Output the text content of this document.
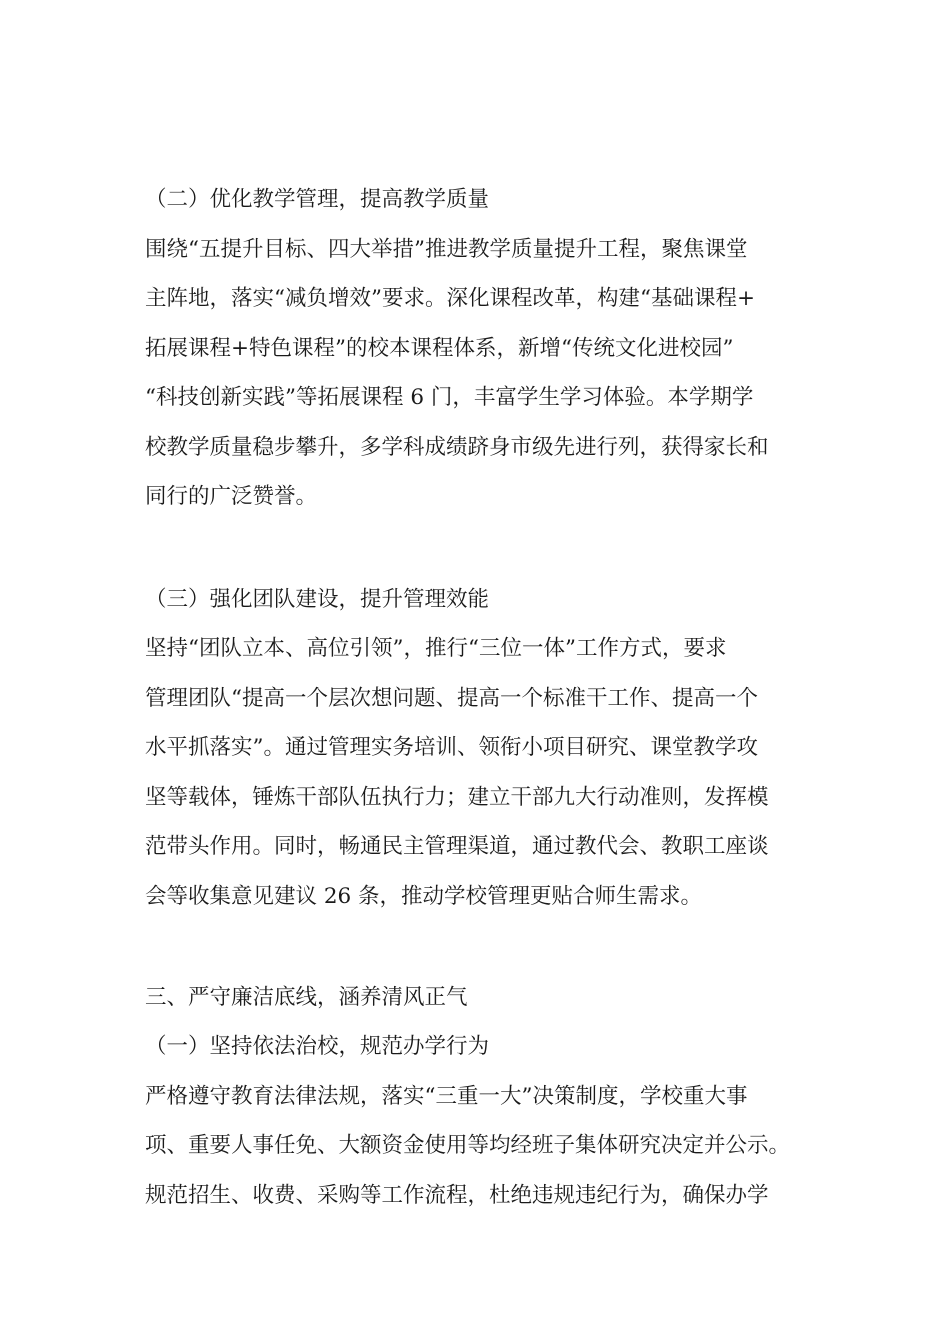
（二）优化教学管理，提高教学质量
围绕“五提升目标、四大举措”推进教学质量提升工程，聚焦课堂
主阵地，落实“减负增效”要求。深化课程改革，构建“基础课程+
拓展课程+特色课程”的校本课程体系，新增“传统文化进校园”
“科技创新实践”等拓展课程 6 门，丰富学生学习体验。本学期学
校教学质量稳步攀升，多学科成绩跻身市级先进行列，获得家长和
同行的广泛赞誉。
（三）强化团队建设，提升管理效能
坚持“团队立本、高位引领”，推行“三位一体”工作方式，要求
管理团队“提高一个层次想问题、提高一个标准干工作、提高一个
水平抓落实”。通过管理实务培训、领衔小项目研究、课堂教学攻
坚等载体，锤炼干部队伍执行力；建立干部九大行动准则，发挥模
范带头作用。同时，畅通民主管理渠道，通过教代会、教职工座谈
会等收集意见建议 26 条，推动学校管理更贴合师生需求。
三、严守廉洁底线，涵养清风正气
（一）坚持依法治校，规范办学行为
严格遵守教育法律法规，落实“三重一大”决策制度，学校重大事
项、重要人事任免、大额资金使用等均经班子集体研究决定并公示。
规范招生、收费、采购等工作流程，杜绝违规违纪行为，确保办学
